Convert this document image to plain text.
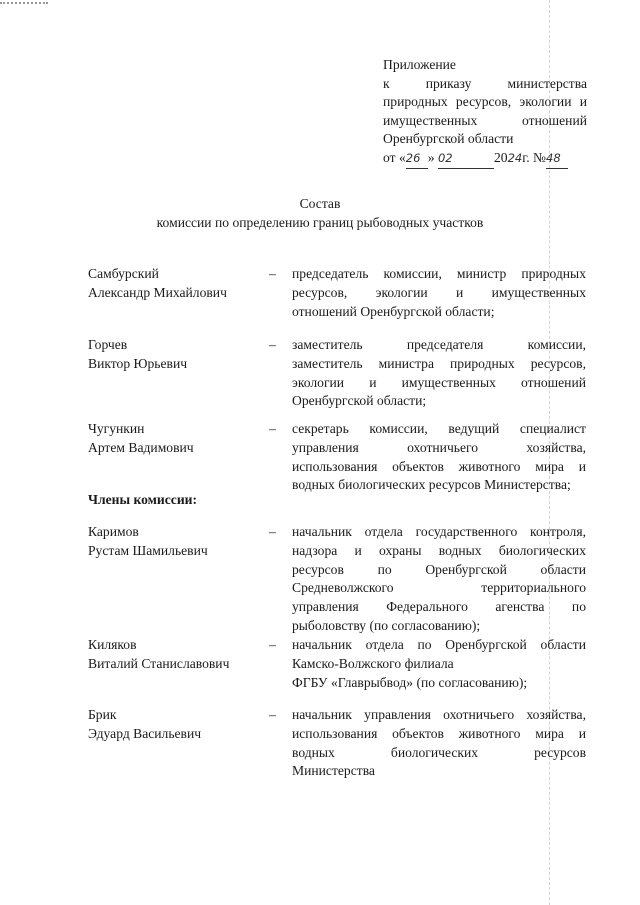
Приложение
к приказу министерства
природных ресурсов, экологии и
имущественных отношений
Оренбургской области
от «26 » 02	2024г. №48
Состав
комиссии по определению границ рыбоводных участков
Самбурский
Александр Михайлович
– председатель комиссии, министр природных
ресурсов, экологии и имущественных
отношений Оренбургской области;
Горчев
Виктор Юрьевич
– заместитель председателя комиссии,
заместитель министра природных ресурсов,
экологии и имущественных отношений
Оренбургской области;
Чугункин
Артем Вадимович
– секретарь комиссии, ведущий специалист
управления охотничьего хозяйства,
использования объектов животного мира и
водных биологических ресурсов Министерства;
Члены комиссии:
Каримов
Рустам Шамильевич
– начальник отдела государственного контроля,
надзора и охраны водных биологических
ресурсов по Оренбургской области
Средневолжского территориального
управления Федерального агенства по
рыболовству (по согласованию);
Киляков
Виталий Станиславович
– начальник отдела по Оренбургской области
Камско-Волжского филиала
ФГБУ «Главрыбвод» (по согласованию);
Брик
Эдуард Васильевич
– начальник управления охотничьего хозяйства,
использования объектов животного мира и
водных биологических ресурсов
Министерства
